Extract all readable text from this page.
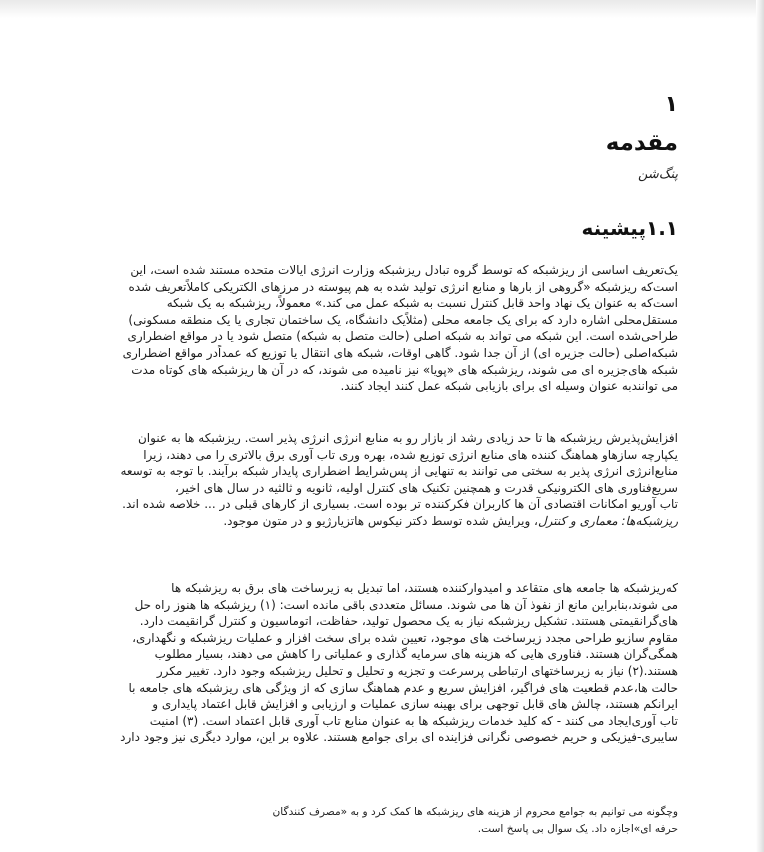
۱
مقدمه
پنگ‌شن
۱.۱پیشینه
یک‌تعریف اساسی از ریزشبکه که توسط گروه تبادل ریزشبکه وزارت انرژی ایالات متحده مستند شده است، این
است‌که ریزشبکه «گروهی از بارها و منابع انرژی تولید شده به هم پیوسته در مرزهای الکتریکی کاملاً‌تعریف شده
است‌که به عنوان یک نهاد واحد قابل کنترل نسبت به شبکه عمل می کند.» معمولاً، ریزشبکه به یک شبکه
مستقل‌محلی اشاره دارد که برای یک جامعه محلی (مثلاً‌یک دانشگاه، یک ساختمان تجاری یا یک منطقه مسکونی)
طراحی‌شده است. این شبکه می تواند به شبکه اصلی (حالت متصل به شبکه) متصل شود یا در مواقع اضطراری
شبکه‌اصلی (حالت جزیره ای) از آن جدا شود. گاهی اوقات، شبکه های انتقال یا توزیع که عمداً‌در مواقع اضطراری
شبکه های‌جزیره ای می شوند، ریزشبکه های «پویا» نیز نامیده می شوند، که در آن ها ریزشبکه های کوتاه مدت
می توانندبه عنوان وسیله ای برای بازیابی شبکه عمل کنند ایجاد کنند.
افزایش‌پذیرش ریزشبکه ها تا حد زیادی رشد از بازار رو به منابع انرژی انرژی پذیر است. ریزشبکه ها به عنوان
یکپارچه سازهاو هماهنگ کننده های منابع انرژی توزیع شده، بهره وری تاب آوری برق بالاتری را می دهند، زیرا
منابع‌انرژی انرژی پذیر به سختی می توانند به تنهایی از پس‌شرایط اضطراری پایدار شبکه برآیند. با توجه به توسعه
سریع‌فناوری های الکترونیکی قدرت و همچنین تکنیک های کنترل اولیه، ثانویه و ثالثیه در سال های اخیر،
تاب آوریو امکانات اقتصادی آن ها کاربران فکرکننده تر بوده است. بسیاری از کارهای قبلی در ... خلاصه شده اند.
ریزشبکه‌ها: معماری و کنترل، ویرایش شده توسط دکتر نیکوس هاتزیارژیو و در متون موجود.
که‌ریزشبکه ها جامعه های متقاعد و امیدوارکننده هستند، اما تبدیل به زیرساخت های برق به ریزشبکه ها
می شوند،بنابراین مانع از نفوذ آن ها می شوند. مسائل متعددی باقی مانده است: (۱) ریزشبکه ها هنوز راه حل
های‌گرانقیمتی هستند. تشکیل ریزشبکه نیاز به یک محصول تولید، حفاظت، اتوماسیون و کنترل گرانقیمت دارد.
مقاوم سازیو طراحی مجدد زیرساخت های موجود، تعیین شده برای سخت افزار و عملیات ریزشبکه و نگهداری،
همگی‌گران هستند. فناوری هایی که هزینه های سرمایه گذاری و عملیاتی را کاهش می دهند، بسیار مطلوب
هستند.(۲) نیاز به زیرساختهای ارتباطی پرسرعت و تجزیه و تحلیل و تحلیل ریزشبکه وجود دارد. تغییر مکرر
حالت ها،عدم قطعیت های فراگیر، افزایش سریع و عدم هماهنگ سازی که از ویژگی های ریزشبکه های جامعه با
ایرانکم هستند، چالش های قابل توجهی برای بهینه سازی عملیات و ارزیابی و افزایش قابل اعتماد پایداری و
تاب آوری‌ایجاد می کنند - که کلید خدمات ریزشبکه ها به عنوان منابع تاب آوری قابل اعتماد است. (۳) امنیت
سایبری-فیزیکی و حریم خصوصی نگرانی فزاینده ای برای جوامع هستند. علاوه بر این، موارد دیگری نیز وجود دارد
وچگونه می توانیم به جوامع محروم از هزینه های ریزشبکه ها کمک کرد و به «مصرف کنندگان
حرفه ای»اجازه داد. یک سوال بی پاسخ است.
